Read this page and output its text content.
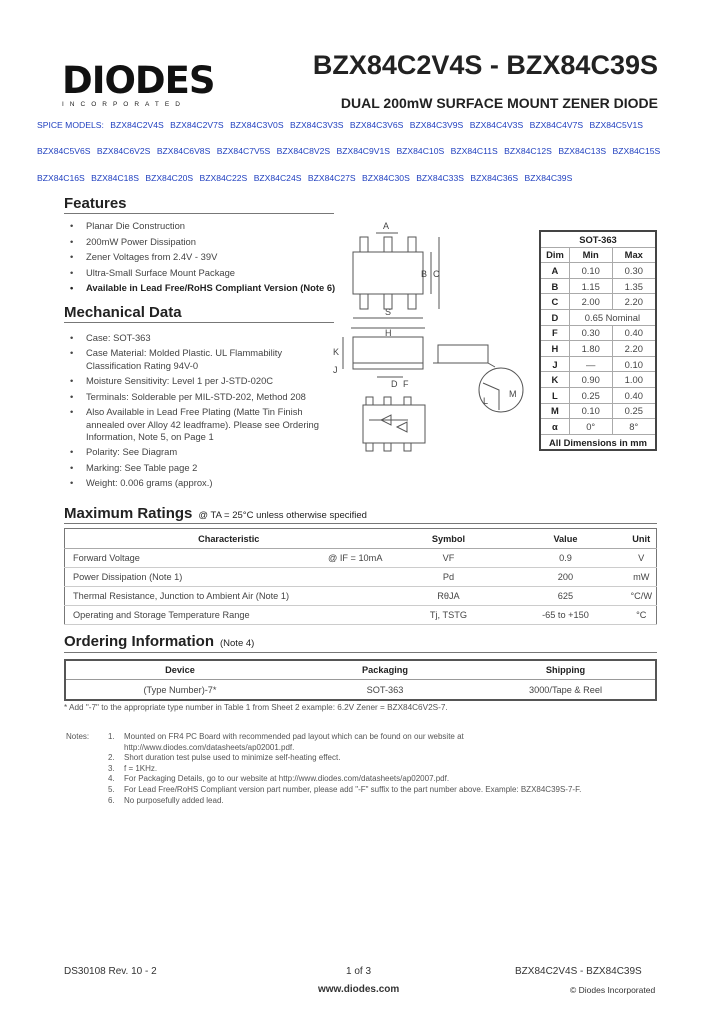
DIODES
INCORPORATED
BZX84C2V4S - BZX84C39S
DUAL 200mW SURFACE MOUNT ZENER DIODE
SPICE MODELS: BZX84C2V4S BZX84C2V7S BZX84C3V0S BZX84C3V3S BZX84C3V6S BZX84C3V9S BZX84C4V3S BZX84C4V7S BZX84C5V1S
BZX84C5V6S BZX84C6V2S BZX84C6V8S BZX84C7V5S BZX84C8V2S BZX84C9V1S BZX84C10S BZX84C11S BZX84C12S BZX84C13S BZX84C15S
BZX84C16S BZX84C18S BZX84C20S BZX84C22S BZX84C24S BZX84C27S BZX84C30S BZX84C33S BZX84C36S BZX84C39S
Features
• Planar Die Construction
• 200mW Power Dissipation
• Zener Voltages from 2.4V - 39V
• Ultra-Small Surface Mount Package
• Available in Lead Free/RoHS Compliant Version (Note 6)
Mechanical Data
• Case: SOT-363
• Case Material: Molded Plastic. UL Flammability Classification Rating 94V-0
• Moisture Sensitivity: Level 1 per J-STD-020C
• Terminals: Solderable per MIL-STD-202, Method 208
• Also Available in Lead Free Plating (Matte Tin Finish annealed over Alloy 42 leadframe). Please see Ordering Information, Note 5, on Page 1
• Polarity: See Diagram
• Marking: See Table page 2
• Weight: 0.006 grams (approx.)
A
B C
S
H
K
J
D F
L
M
SOT-363		
Dim	Min	Max
A	0.10	0.30
B	1.15	1.35
C	2.00	2.20
D	0.65 Nominal	
F	0.30	0.40
H	1.80	2.20
J	—	0.10
K	0.90	1.00
L	0.25	0.40
M	0.10	0.25
α	0°	8°
All Dimensions in mm		
Maximum Ratings @ TA = 25°C unless otherwise specified
Characteristic		Symbol	Value	Unit
Forward Voltage	@ IF = 10mA	VF	0.9	V
Power Dissipation (Note 1)		Pd	200	mW
Thermal Resistance, Junction to Ambient Air (Note 1)		RθJA	625	°C/W
Operating and Storage Temperature Range		Tj, TSTG	-65 to +150	°C
Ordering Information (Note 4)
Device	Packaging	Shipping
(Type Number)-7*	SOT-363	3000/Tape & Reel
* Add "-7" to the appropriate type number in Table 1 from Sheet 2 example: 6.2V Zener = BZX84C6V2S-7.
Notes:	1.	Mounted on FR4 PC Board with recommended pad layout which can be found on our website at http://www.diodes.com/datasheets/ap02001.pdf.
2.	Short duration test pulse used to minimize self-heating effect.
3.	f = 1KHz.
4.	For Packaging Details, go to our website at http://www.diodes.com/datasheets/ap02007.pdf.
5.	For Lead Free/RoHS Compliant version part number, please add "-F" suffix to the part number above. Example: BZX84C39S-7-F.
6.	No purposefully added lead.
DS30108 Rev. 10 - 2	1 of 3
www.diodes.com
BZX84C2V4S - BZX84C39S
© Diodes Incorporated
